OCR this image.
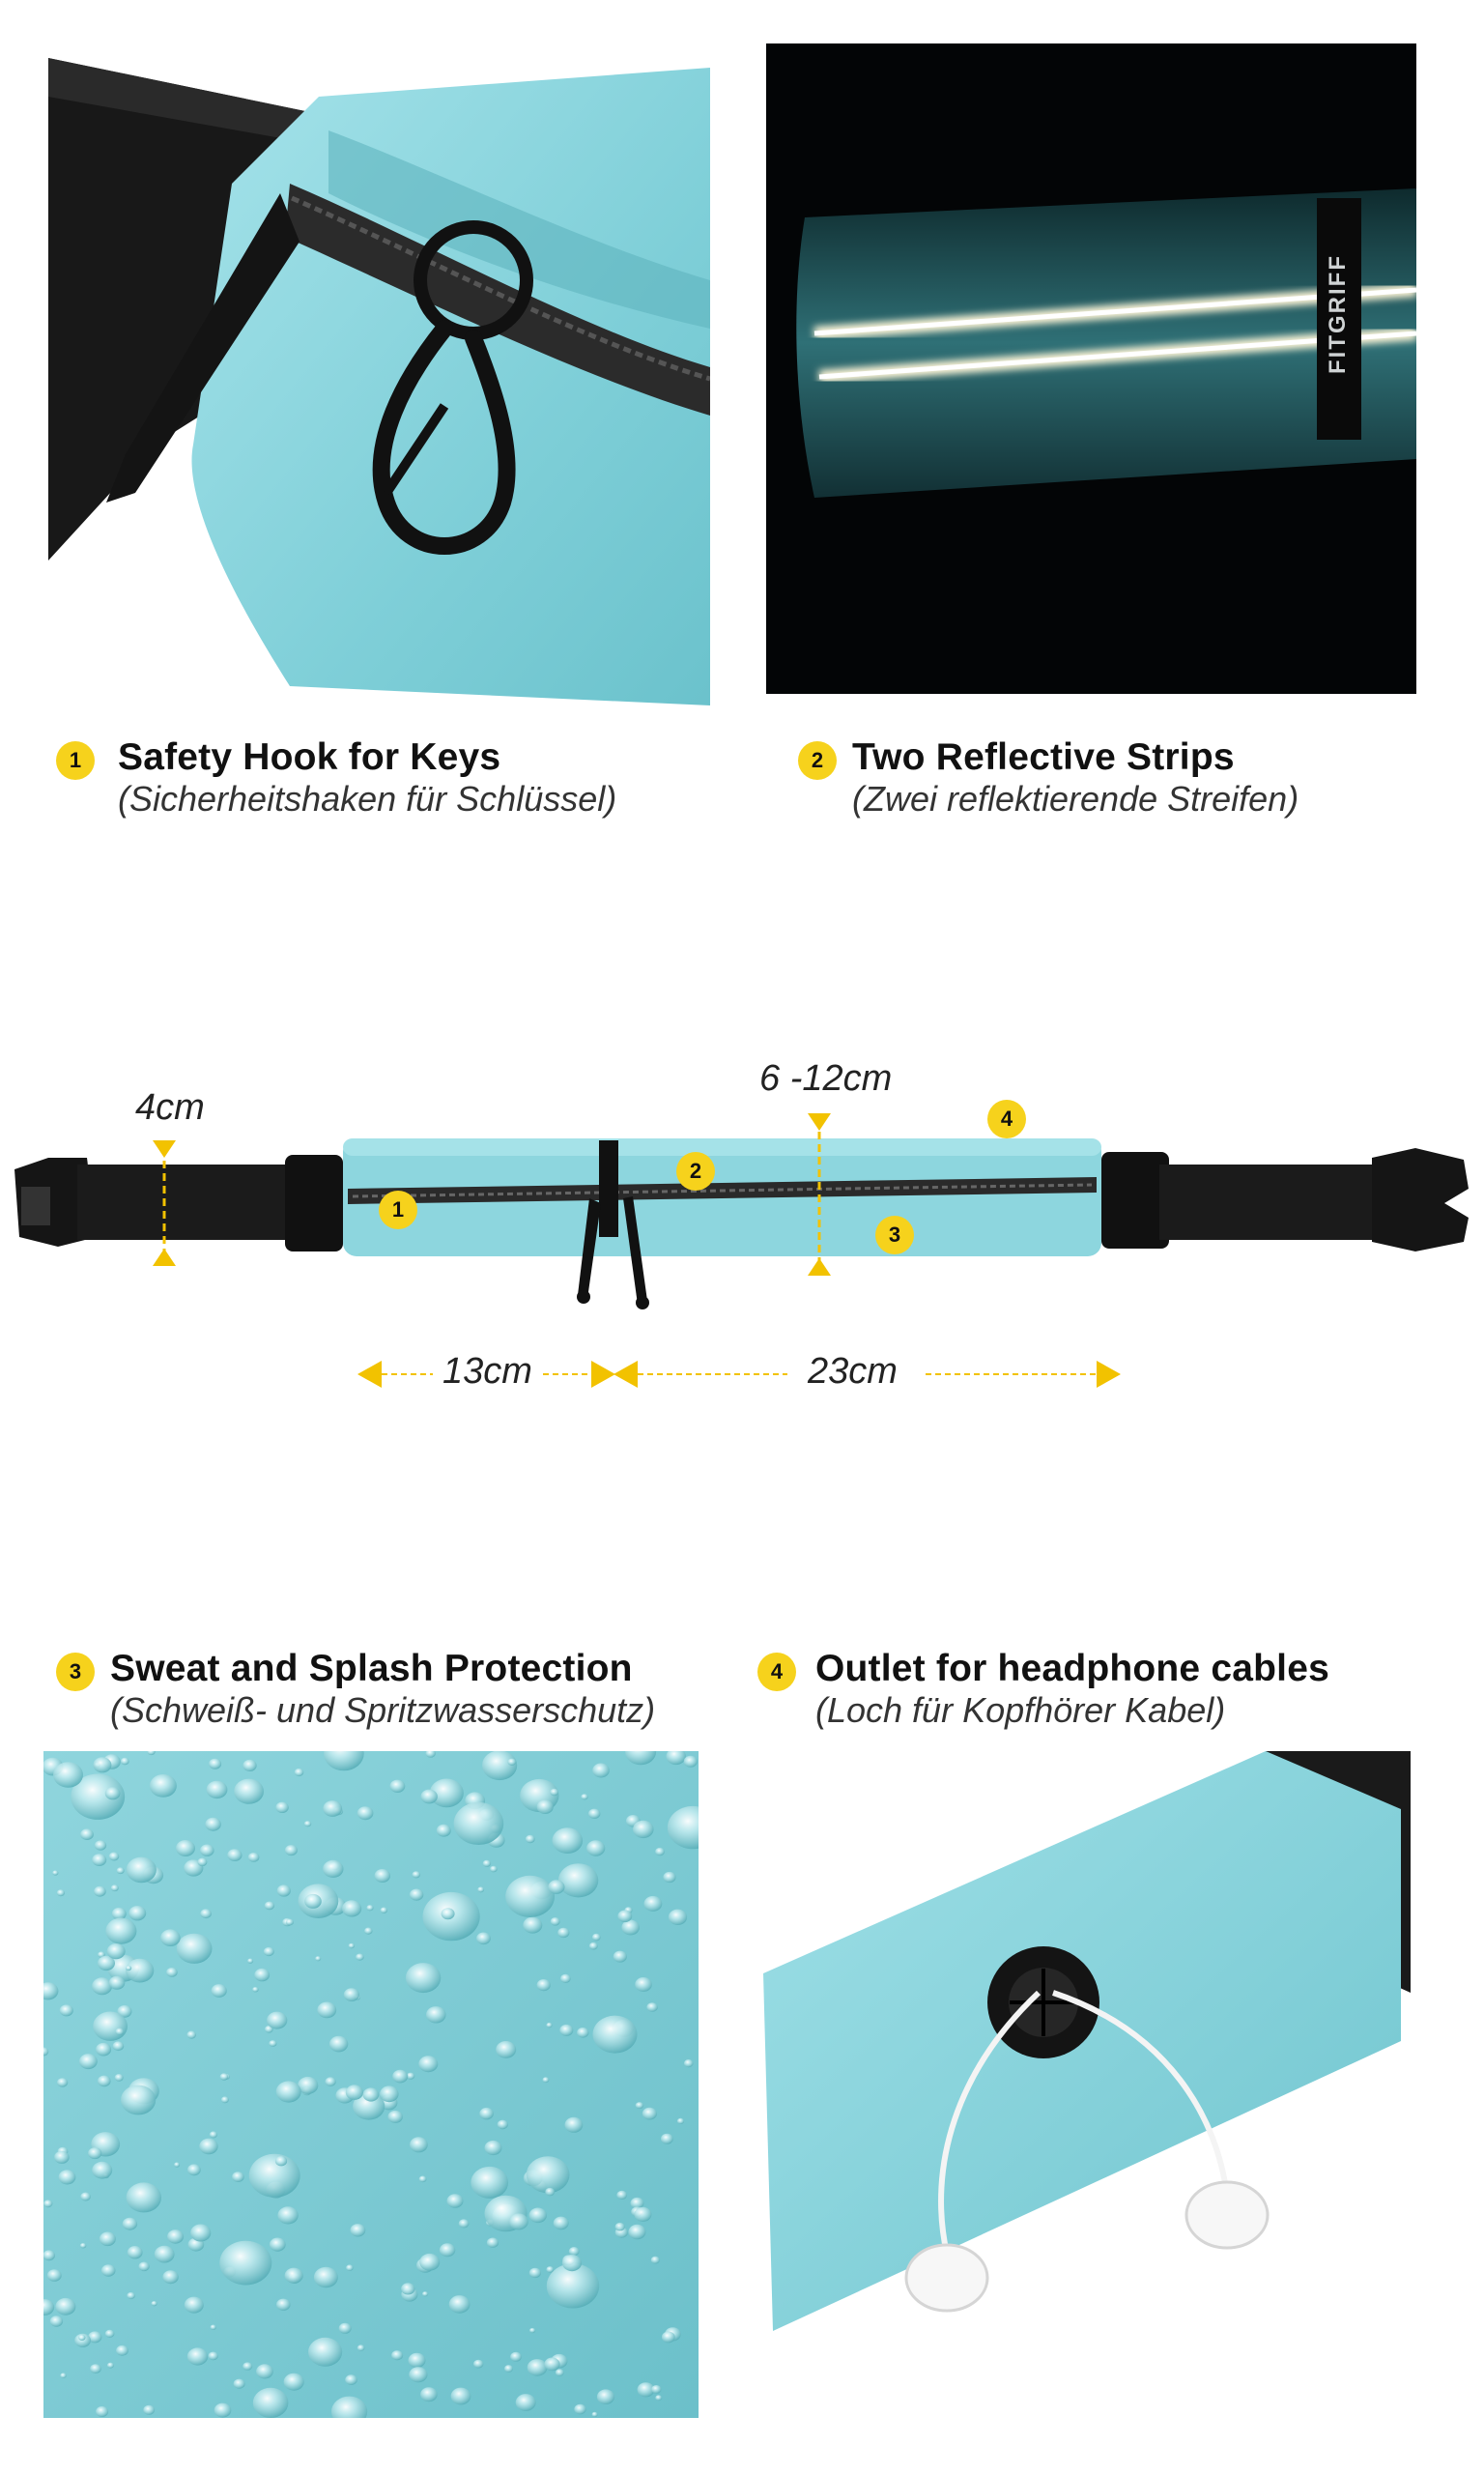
FITGRIFF
1 Safety Hook for Keys
(Sicherheitshaken für Schlüssel)
2 Two Reflective Strips
(Zwei reflektierende Streifen)
4cm
6 -12cm
13cm	23cm
1
2
3
4
3 Sweat and Splash Protection
(Schweiß- und Spritzwasserschutz)
4 Outlet for headphone cables
(Loch für Kopfhörer Kabel)
